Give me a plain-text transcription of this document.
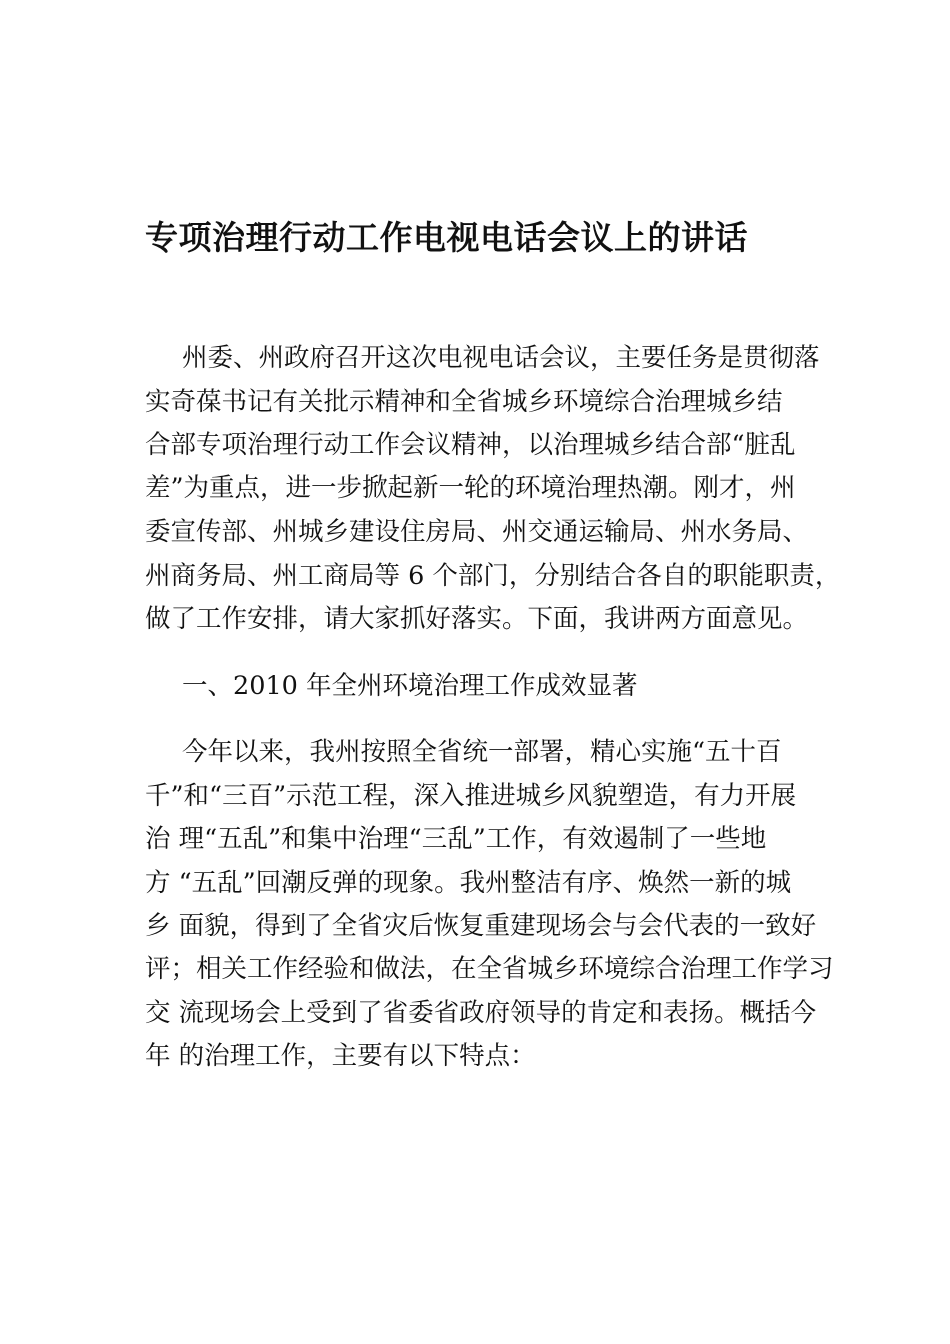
专项治理行动工作电视电话会议上的讲话

州委、州政府召开这次电视电话会议，主要任务是贯彻落

实奇葆书记有关批示精神和全省城乡环境综合治理城乡结

合部专项治理行动工作会议精神，以治理城乡结合部“脏乱

差”为重点，进一步掀起新一轮的环境治理热潮。刚才，州

委宣传部、州城乡建设住房局、州交通运输局、州水务局、

州商务局、州工商局等 6 个部门，分别结合各自的职能职责，

做了工作安排，请大家抓好落实。下面，我讲两方面意见。

一、2010 年全州环境治理工作成效显著

今年以来，我州按照全省统一部署，精心实施“五十百

千”和“三百”示范工程，深入推进城乡风貌塑造，有力开展

治 理“五乱”和集中治理“三乱”工作，有效遏制了一些地

方 “五乱”回潮反弹的现象。我州整洁有序、焕然一新的城

乡 面貌，得到了全省灾后恢复重建现场会与会代表的一致好

评；相关工作经验和做法，在全省城乡环境综合治理工作学习

交 流现场会上受到了省委省政府领导的肯定和表扬。概括今

年 的治理工作，主要有以下特点：
